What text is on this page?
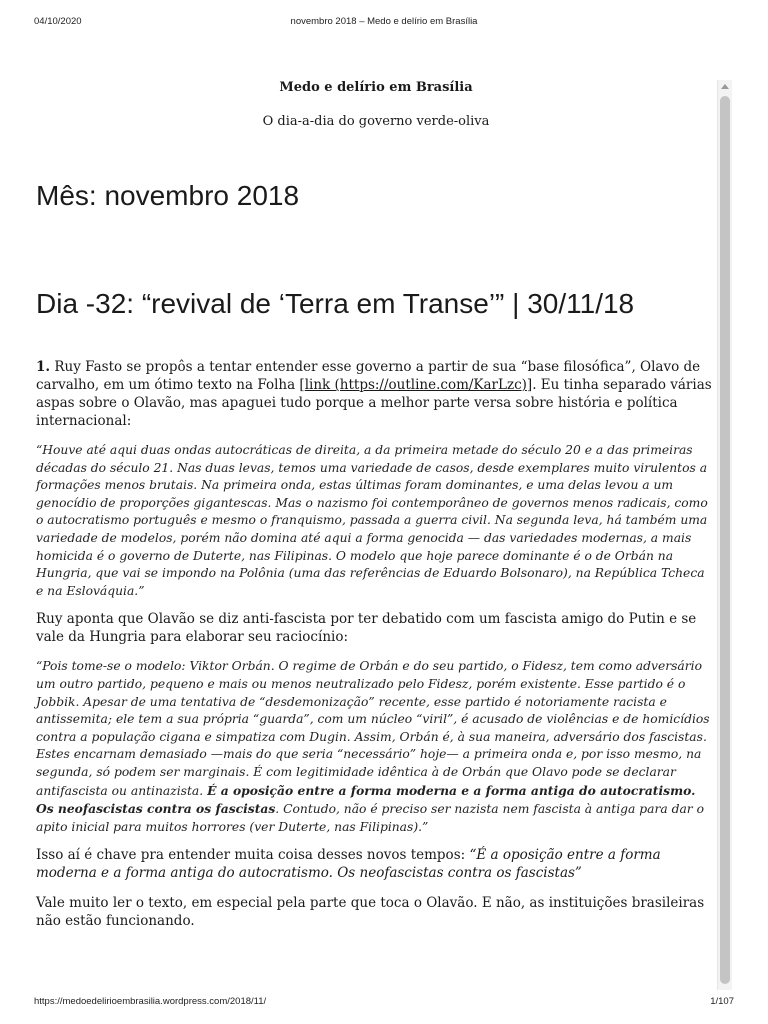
04/10/2020	novembro 2018 – Medo e delírio em Brasília
Medo e delírio em Brasília
O dia-a-dia do governo verde-oliva
Mês: novembro 2018
Dia -32: “revival de ‘Terra em Transe’” | 30/11/18

1. Ruy Fasto se propôs a tentar entender esse governo a partir de sua “base filosófica”, Olavo de carvalho, em um ótimo texto na Folha [link (https://outline.com/KarLzc)]. Eu tinha separado várias aspas sobre o Olavão, mas apaguei tudo porque a melhor parte versa sobre história e política internacional:

“Houve até aqui duas ondas autocráticas de direita, a da primeira metade do século 20 e a das primeiras décadas do século 21. Nas duas levas, temos uma variedade de casos, desde exemplares muito virulentos a formações menos brutais. Na primeira onda, estas últimas foram dominantes, e uma delas levou a um genocídio de proporções gigantescas. Mas o nazismo foi contemporâneo de governos menos radicais, como o autocratismo português e mesmo o franquismo, passada a guerra civil. Na segunda leva, há também uma variedade de modelos, porém não domina até aqui a forma genocida — das variedades modernas, a mais homicida é o governo de Duterte, nas Filipinas. O modelo que hoje parece dominante é o de Orbán na Hungria, que vai se impondo na Polônia (uma das referências de Eduardo Bolsonaro), na República Tcheca e na Eslováquia.”

Ruy aponta que Olavão se diz anti-fascista por ter debatido com um fascista amigo do Putin e se vale da Hungria para elaborar seu raciocínio:

“Pois tome-se o modelo: Viktor Orbán. O regime de Orbán e do seu partido, o Fidesz, tem como adversário um outro partido, pequeno e mais ou menos neutralizado pelo Fidesz, porém existente. Esse partido é o Jobbik. Apesar de uma tentativa de “desdemonização” recente, esse partido é notoriamente racista e antissemita; ele tem a sua própria “guarda”, com um núcleo “viril”, é acusado de violências e de homicídios contra a população cigana e simpatiza com Dugin. Assim, Orbán é, à sua maneira, adversário dos fascistas. Estes encarnam demasiado —mais do que seria “necessário” hoje— a primeira onda e, por isso mesmo, na segunda, só podem ser marginais. É com legitimidade idêntica à de Orbán que Olavo pode se declarar antifascista ou antinazista. É a oposição entre a forma moderna e a forma antiga do autocratismo. Os neofascistas contra os fascistas. Contudo, não é preciso ser nazista nem fascista à antiga para dar o apito inicial para muitos horrores (ver Duterte, nas Filipinas).”

Isso aí é chave pra entender muita coisa desses novos tempos: “É a oposição entre a forma moderna e a forma antiga do autocratismo. Os neofascistas contra os fascistas”

Vale muito ler o texto, em especial pela parte que toca o Olavão. E não, as instituições brasileiras não estão funcionando.

https://medoedelirioembrasilia.wordpress.com/2018/11/	1/107
